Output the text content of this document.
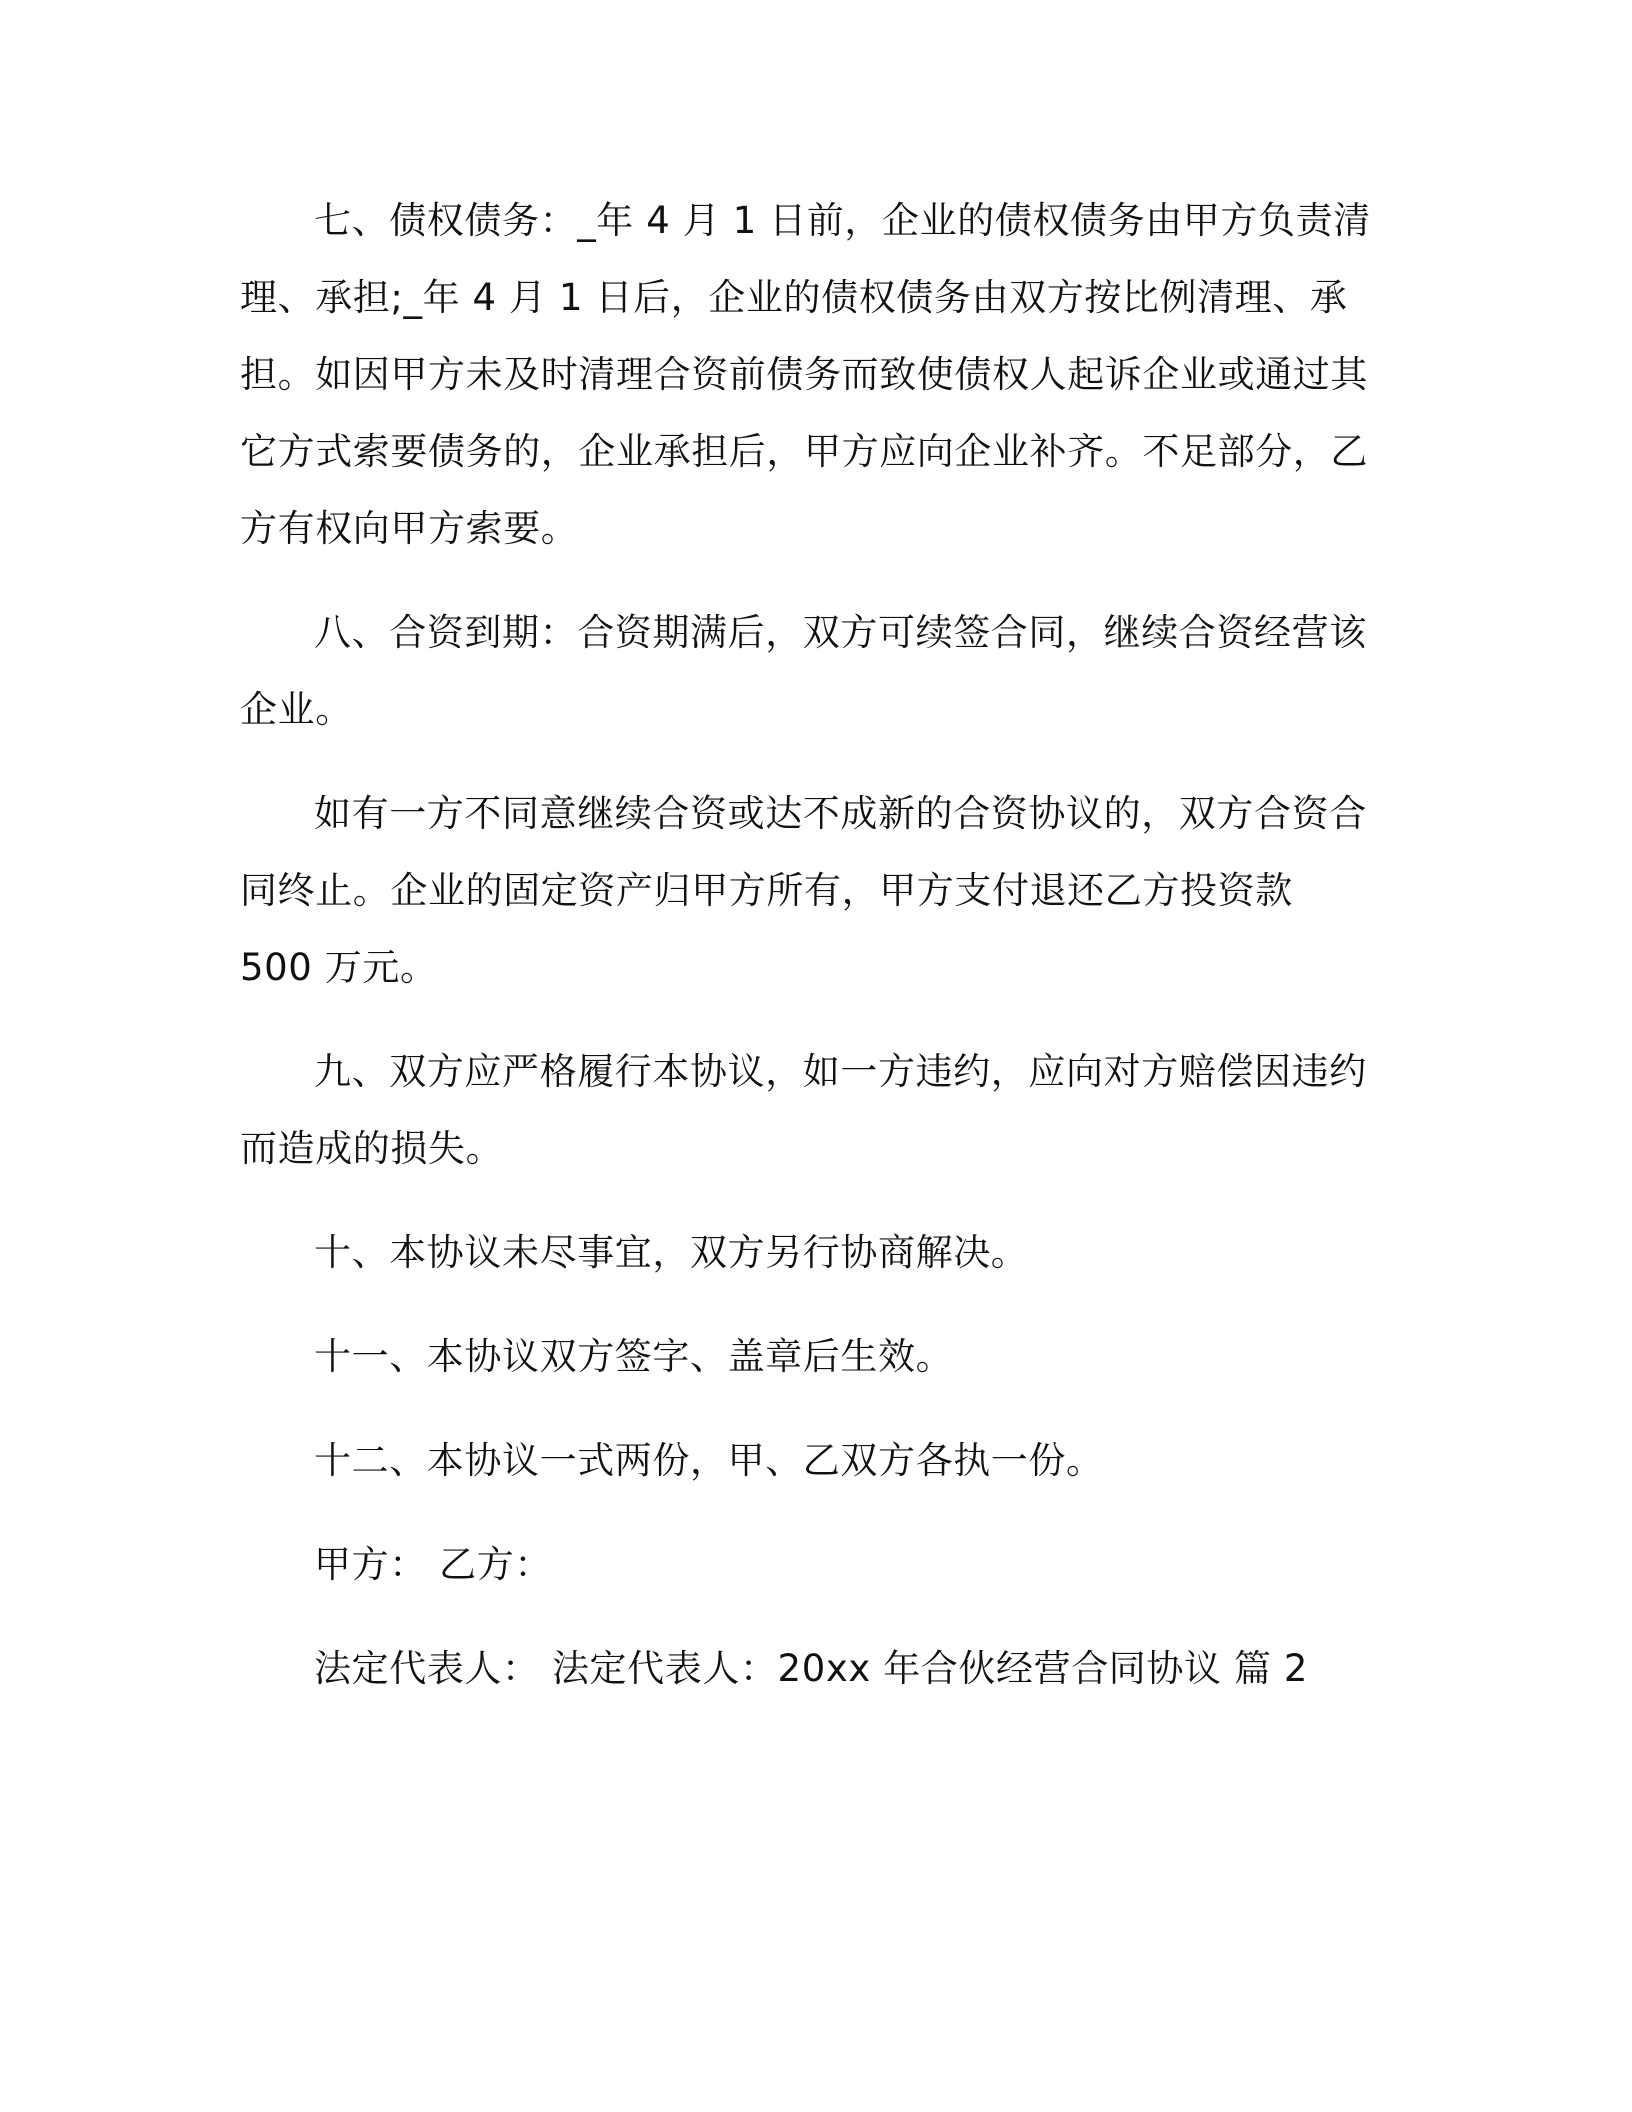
七、债权债务：_年 4 月 1 日前，企业的债权债务由甲方负责清理、承担;_年 4 月 1 日后，企业的债权债务由双方按比例清理、承担。如因甲方未及时清理合资前债务而致使债权人起诉企业或通过其它方式索要债务的，企业承担后，甲方应向企业补齐。不足部分，乙方有权向甲方索要。

八、合资到期：合资期满后，双方可续签合同，继续合资经营该企业。

如有一方不同意继续合资或达不成新的合资协议的，双方合资合同终止。企业的固定资产归甲方所有，甲方支付退还乙方投资款 500 万元。

九、双方应严格履行本协议，如一方违约，应向对方赔偿因违约而造成的损失。

十、本协议未尽事宜，双方另行协商解决。

十一、本协议双方签字、盖章后生效。

十二、本协议一式两份，甲、乙双方各执一份。

甲方： 乙方：

法定代表人： 法定代表人：20xx 年合伙经营合同协议 篇 2
